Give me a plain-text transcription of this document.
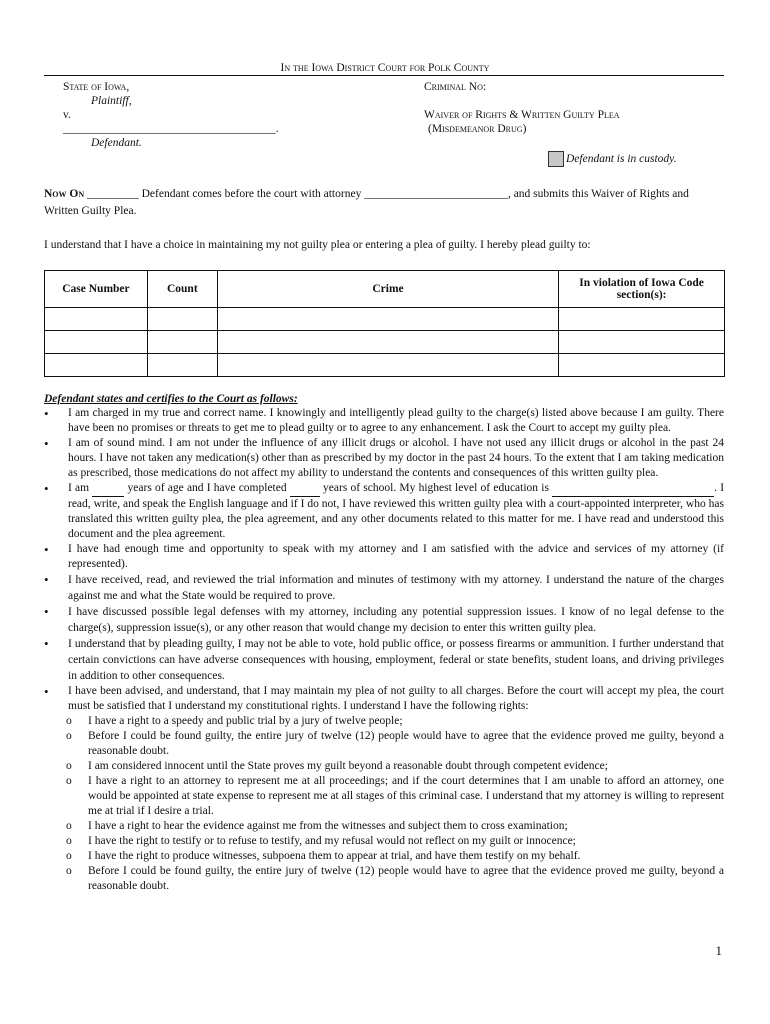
In the Iowa District Court for Polk County
State of Iowa,
Plaintiff,
v.
_____________________________________.
Defendant.
Criminal No:
Waiver of Rights & Written Guilty Plea
(Misdemeanor Drug)
Defendant is in custody.
Now On _________ Defendant comes before the court with attorney _________________________, and submits this Waiver of Rights and Written Guilty Plea.
I understand that I have a choice in maintaining my not guilty plea or entering a plea of guilty. I hereby plead guilty to:
Case Number	Count	Crime	In violation of Iowa Code section(s):

Defendant states and certifies to the Court as follows:
• I am charged in my true and correct name. I knowingly and intelligently plead guilty to the charge(s) listed above because I am guilty. There have been no promises or threats to get me to plead guilty or to agree to any enhancement. I ask the Court to accept my guilty plea.
• I am of sound mind. I am not under the influence of any illicit drugs or alcohol. I have not used any illicit drugs or alcohol in the past 24 hours. I have not taken any medication(s) other than as prescribed by my doctor in the past 24 hours. To the extent that I am taking medication as prescribed, those medications do not affect my ability to understand the contents and consequences of this written guilty plea.
• I am	years of age and I have completed	years of school. My highest level of education is	. I read, write, and speak the English language and if I do not, I have reviewed this written guilty plea with a court-appointed interpreter, who has translated this written guilty plea, the plea agreement, and any other documents related to this matter for me. I have read and understood this document and the plea agreement.
• I have had enough time and opportunity to speak with my attorney and I am satisfied with the advice and services of my attorney (if represented).
• I have received, read, and reviewed the trial information and minutes of testimony with my attorney. I understand the nature of the charges against me and what the State would be required to prove.
• I have discussed possible legal defenses with my attorney, including any potential suppression issues. I know of no legal defense to the charge(s), suppression issue(s), or any other reason that would change my decision to enter this written guilty plea.
• I understand that by pleading guilty, I may not be able to vote, hold public office, or possess firearms or ammunition. I further understand that certain convictions can have adverse consequences with housing, employment, federal or state benefits, student loans, and driving privileges in addition to other consequences.
• I have been advised, and understand, that I may maintain my plea of not guilty to all charges. Before the court will accept my plea, the court must be satisfied that I understand my constitutional rights. I understand I have the following rights:
o I have a right to a speedy and public trial by a jury of twelve people;
o Before I could be found guilty, the entire jury of twelve (12) people would have to agree that the evidence proved me guilty, beyond a reasonable doubt.
o I am considered innocent until the State proves my guilt beyond a reasonable doubt through competent evidence;
o I have a right to an attorney to represent me at all proceedings; and if the court determines that I am unable to afford an attorney, one would be appointed at state expense to represent me at all stages of this criminal case. I understand that my attorney is willing to represent me at trial if I desire a trial.
o I have a right to hear the evidence against me from the witnesses and subject them to cross examination;
o I have the right to testify or to refuse to testify, and my refusal would not reflect on my guilt or innocence;
o I have the right to produce witnesses, subpoena them to appear at trial, and have them testify on my behalf.
o Before I could be found guilty, the entire jury of twelve (12) people would have to agree that the evidence proved me guilty, beyond a reasonable doubt.
1
